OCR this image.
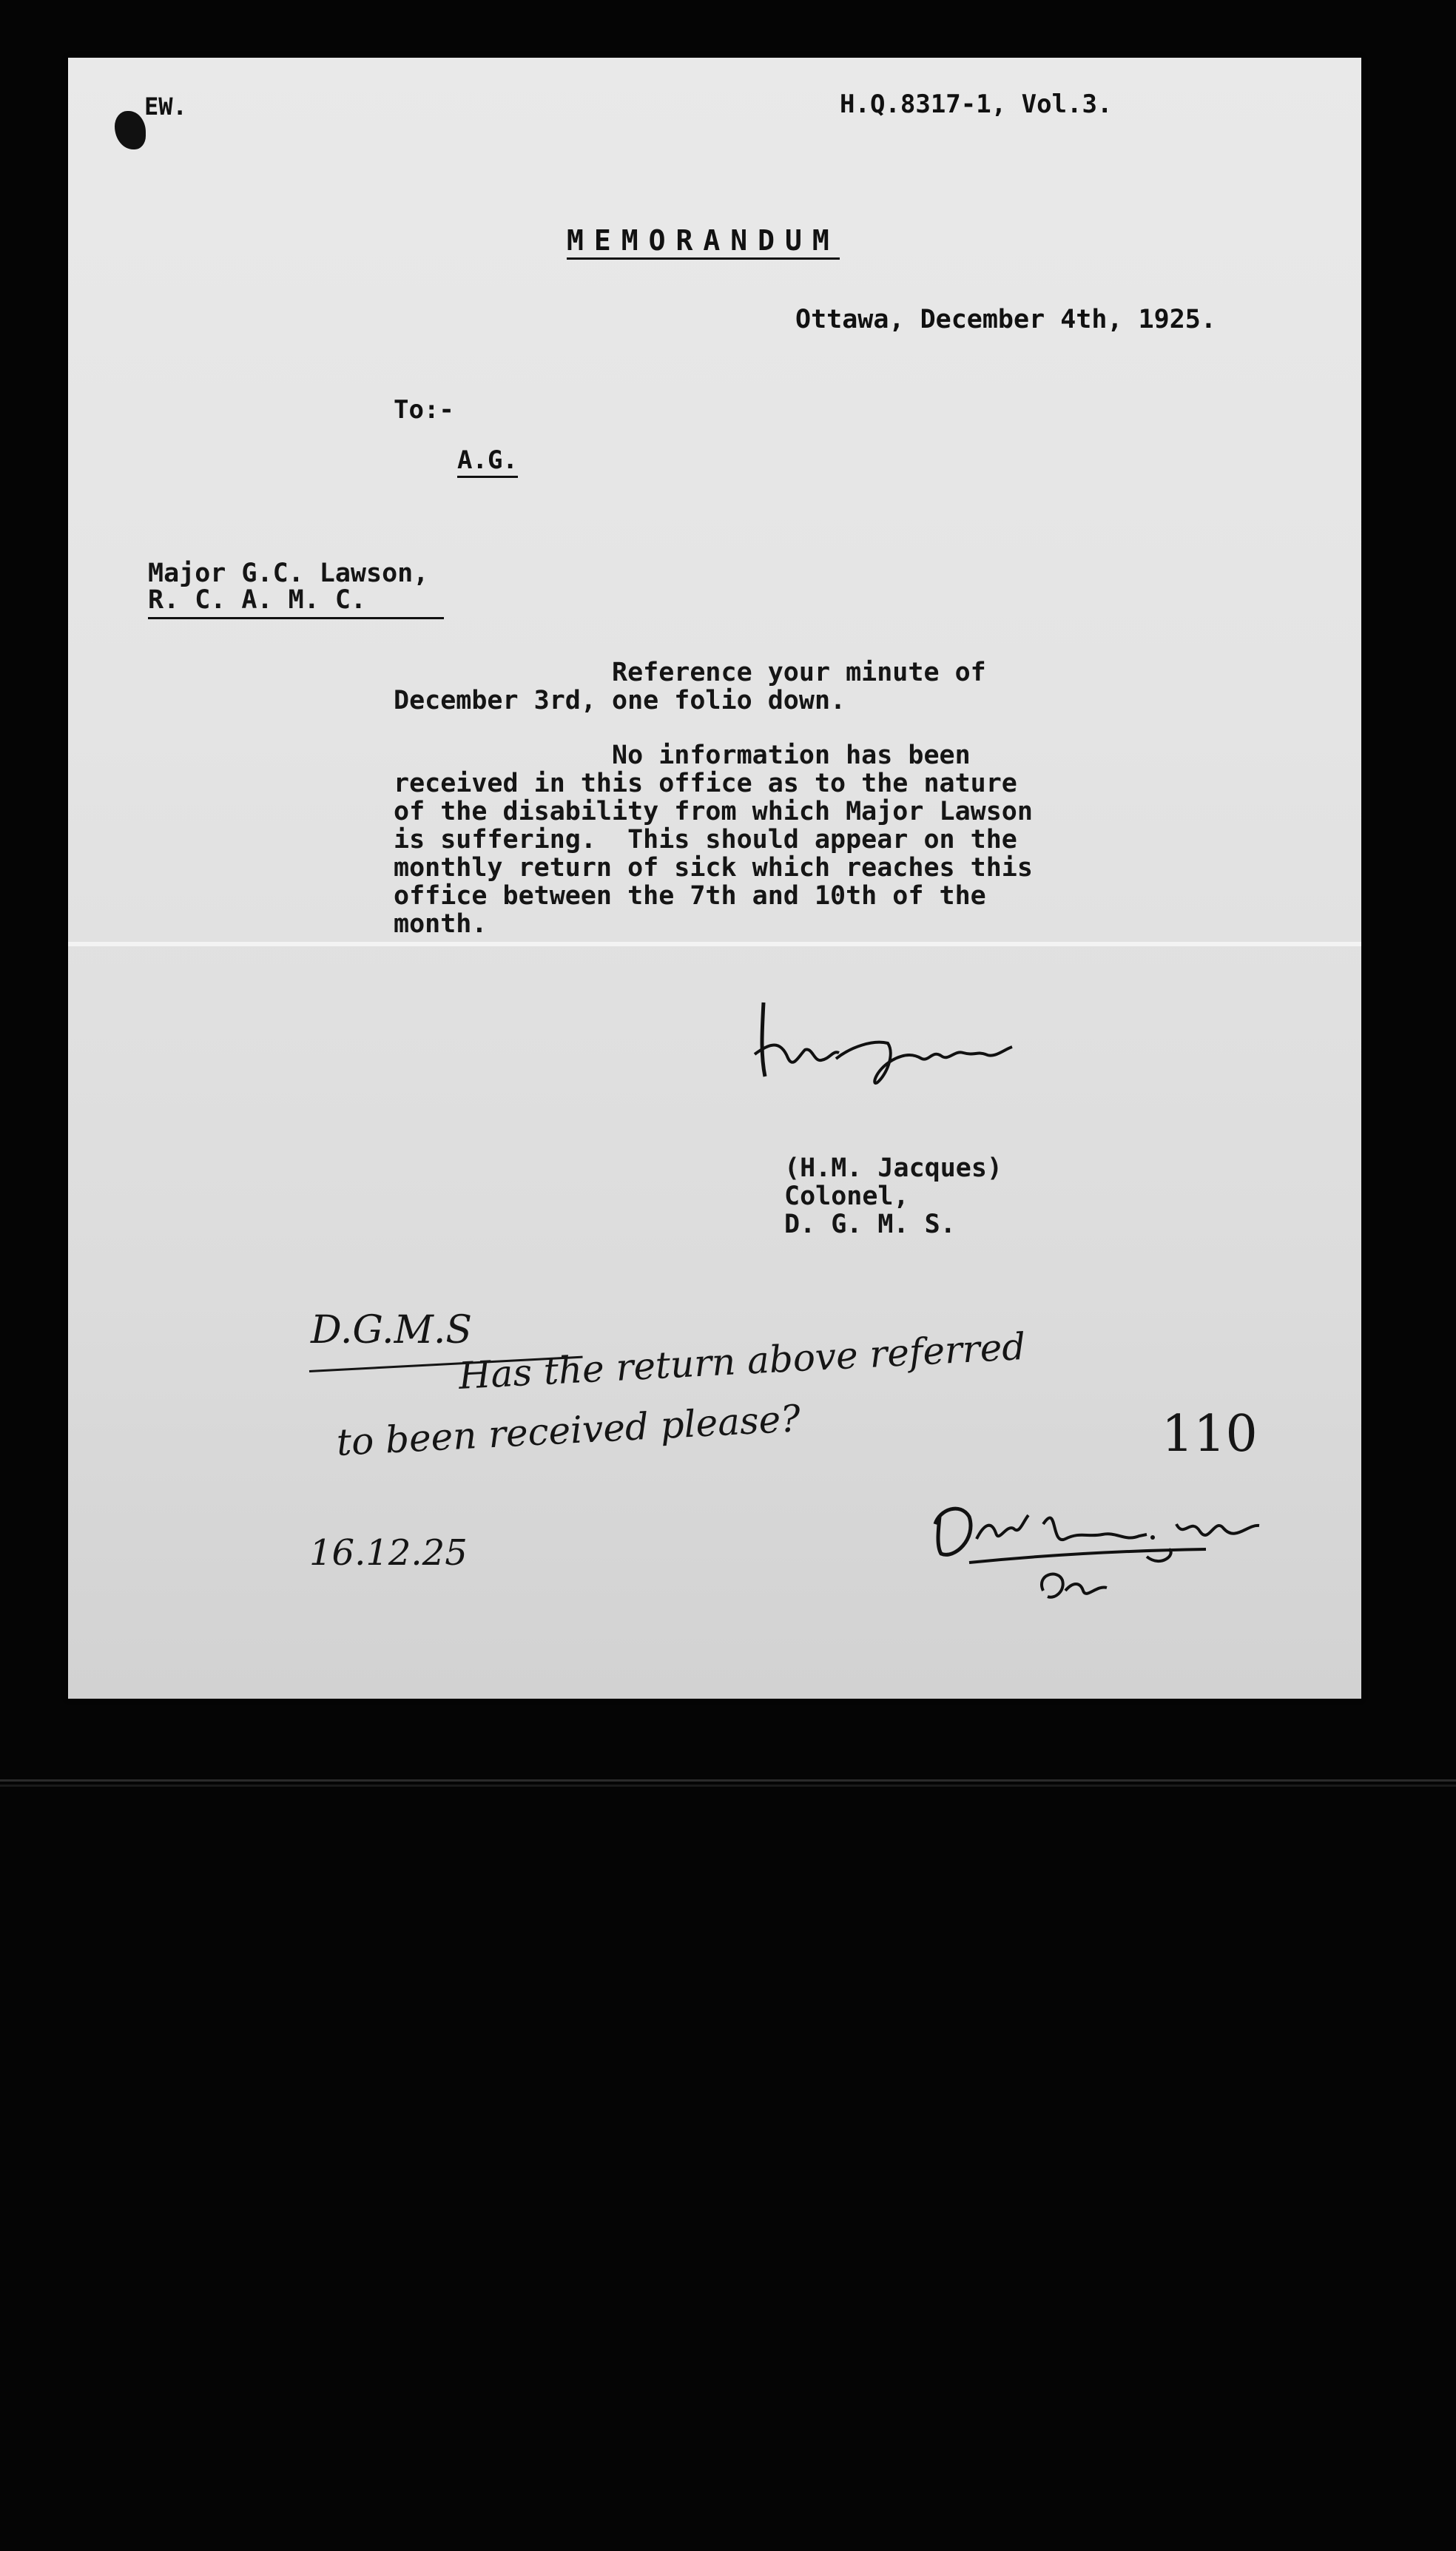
EW.	H.Q.8317-1, Vol.3.
MEMORANDUM
Ottawa, December 4th, 1925.
To:-
A.G.
Major G.C. Lawson,
R. C. A. M. C.
Reference your minute of
December 3rd, one folio down.
No information has been
received in this office as to the nature
of the disability from which Major Lawson
is suffering.  This should appear on the
monthly return of sick which reaches this
office between the 7th and 10th of the
month.
(H.M. Jacques)
Colonel,
D. G. M. S.
D.G.M.S
Has the return above referred
to been received please?	110
16.12.25
